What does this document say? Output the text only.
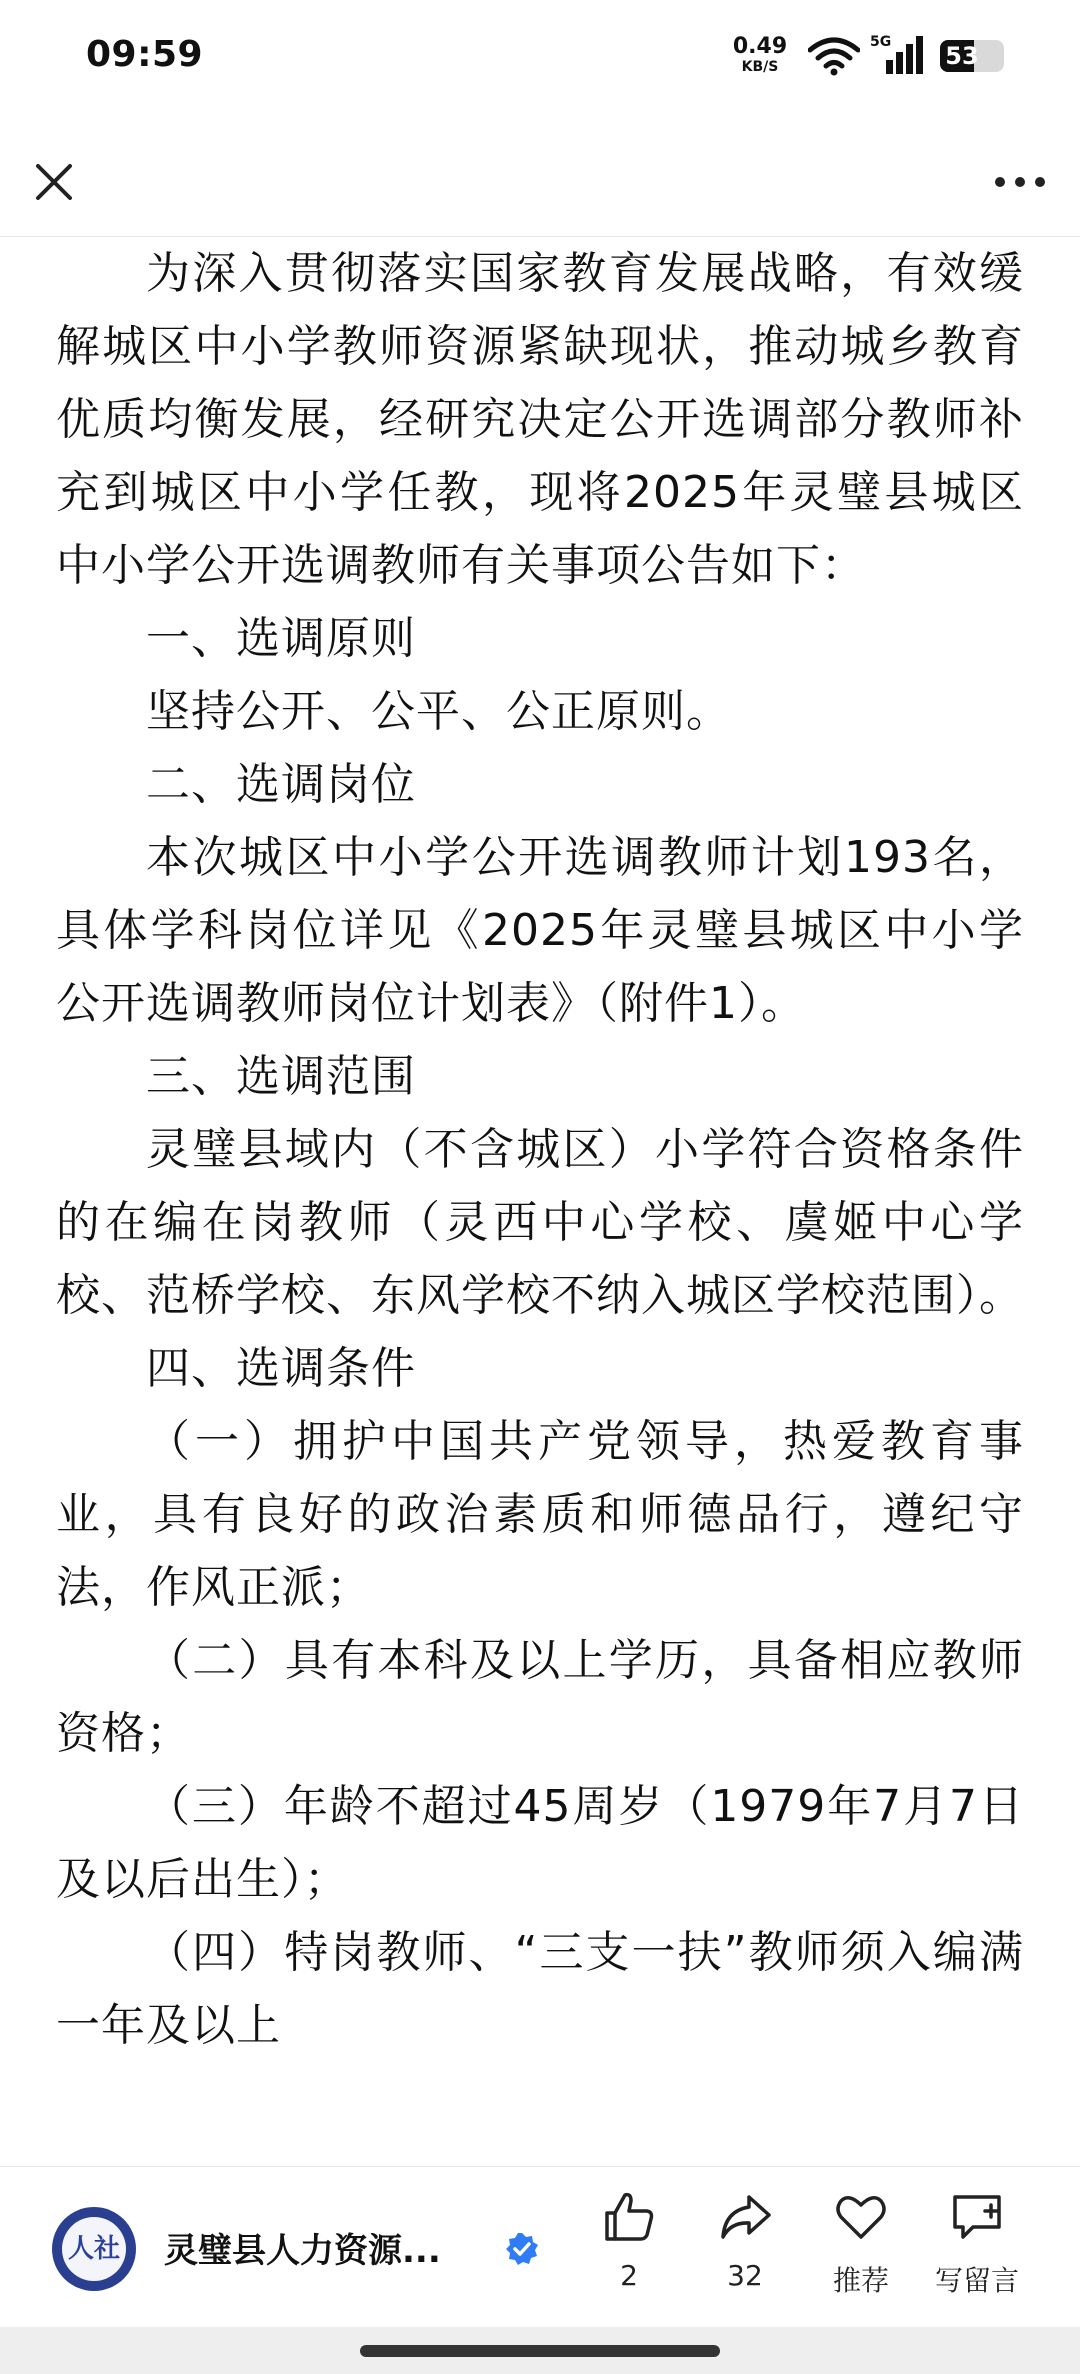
09:59	0.49
KB/S
5G 53

为深入贯彻落实国家教育发展战略，有效缓解城区中小学教师资源紧缺现状，推动城乡教育优质均衡发展，经研究决定公开选调部分教师补充到城区中小学任教，现将2025年灵璧县城区中小学公开选调教师有关事项公告如下：

一、选调原则

坚持公开、公平、公正原则。

二、选调岗位

本次城区中小学公开选调教师计划193名，具体学科岗位详见《2025年灵璧县城区中小学公开选调教师岗位计划表》（附件1）。

三、选调范围

灵璧县域内（不含城区）小学符合资格条件的在编在岗教师（灵西中心学校、虞姬中心学校、范桥学校、东风学校不纳入城区学校范围）。

四、选调条件

（一）拥护中国共产党领导，热爱教育事业，具有良好的政治素质和师德品行，遵纪守法，作风正派；

（二）具有本科及以上学历，具备相应教师资格；

（三）年龄不超过45周岁（1979年7月7日及以后出生）；

（四）特岗教师、“三支一扶”教师须入编满一年及以上

人社 灵璧县人力资源...
2	32	推荐	写留言
